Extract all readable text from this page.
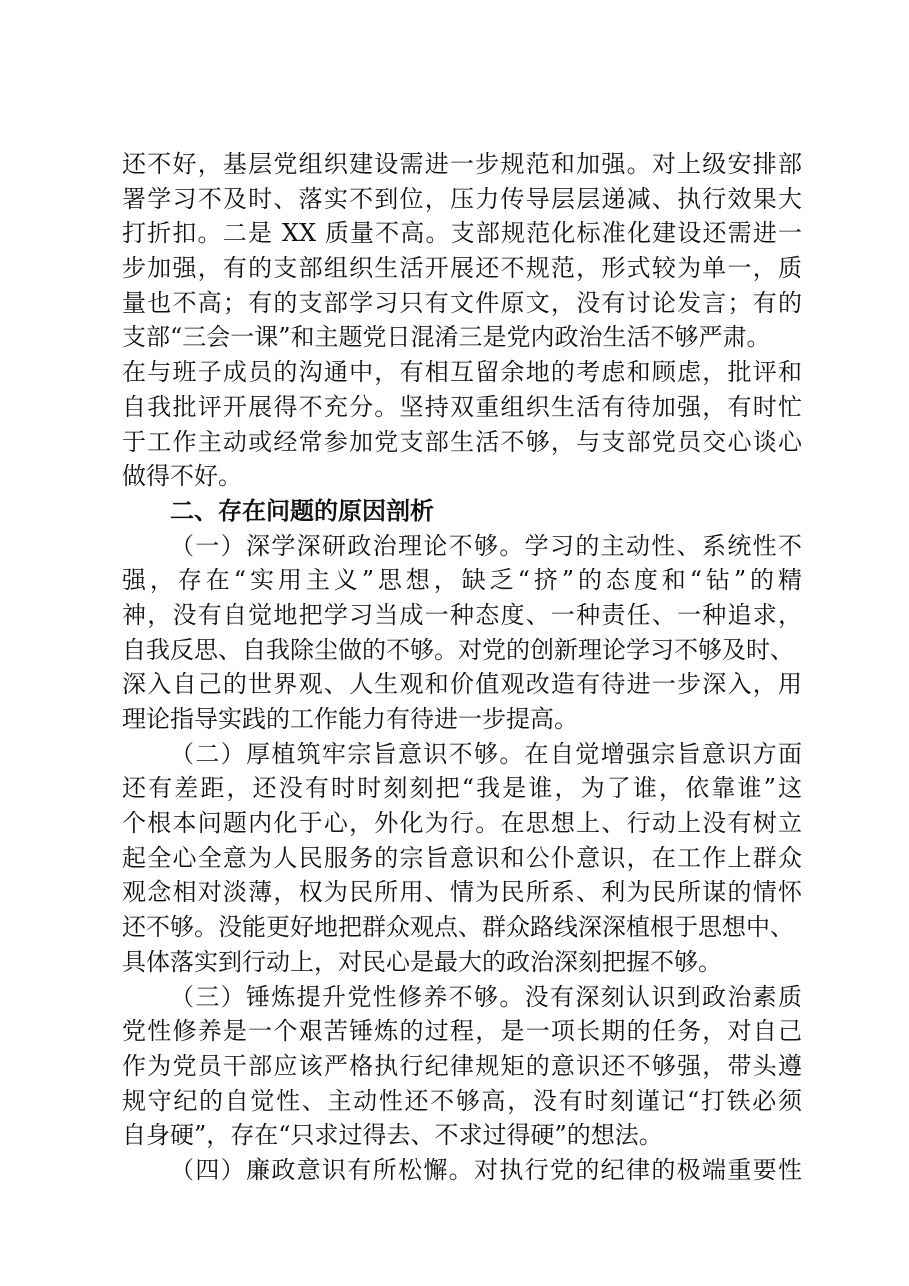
还不好，基层党组织建设需进一步规范和加强。对上级安排部
署学习不及时、落实不到位，压力传导层层递减、执行效果大
打折扣。二是 XX 质量不高。支部规范化标准化建设还需进一
步加强，有的支部组织生活开展还不规范，形式较为单一，质
量也不高；有的支部学习只有文件原文，没有讨论发言；有的
支部“三会一课”和主题党日混淆三是党内政治生活不够严肃。
在与班子成员的沟通中，有相互留余地的考虑和顾虑，批评和
自我批评开展得不充分。坚持双重组织生活有待加强，有时忙
于工作主动或经常参加党支部生活不够，与支部党员交心谈心
做得不好。
二、存在问题的原因剖析
（一）深学深研政治理论不够。学习的主动性、系统性不
强，存在“实用主义”思想，缺乏“挤”的态度和“钻”的精
神，没有自觉地把学习当成一种态度、一种责任、一种追求，
自我反思、自我除尘做的不够。对党的创新理论学习不够及时、
深入自己的世界观、人生观和价值观改造有待进一步深入，用
理论指导实践的工作能力有待进一步提高。
（二）厚植筑牢宗旨意识不够。在自觉增强宗旨意识方面
还有差距，还没有时时刻刻把“我是谁，为了谁，依靠谁”这
个根本问题内化于心，外化为行。在思想上、行动上没有树立
起全心全意为人民服务的宗旨意识和公仆意识，在工作上群众
观念相对淡薄，权为民所用、情为民所系、利为民所谋的情怀
还不够。没能更好地把群众观点、群众路线深深植根于思想中、
具体落实到行动上，对民心是最大的政治深刻把握不够。
（三）锤炼提升党性修养不够。没有深刻认识到政治素质
党性修养是一个艰苦锤炼的过程，是一项长期的任务，对自己
作为党员干部应该严格执行纪律规矩的意识还不够强，带头遵
规守纪的自觉性、主动性还不够高，没有时刻谨记“打铁必须
自身硬”，存在“只求过得去、不求过得硬”的想法。
（四）廉政意识有所松懈。对执行党的纪律的极端重要性
